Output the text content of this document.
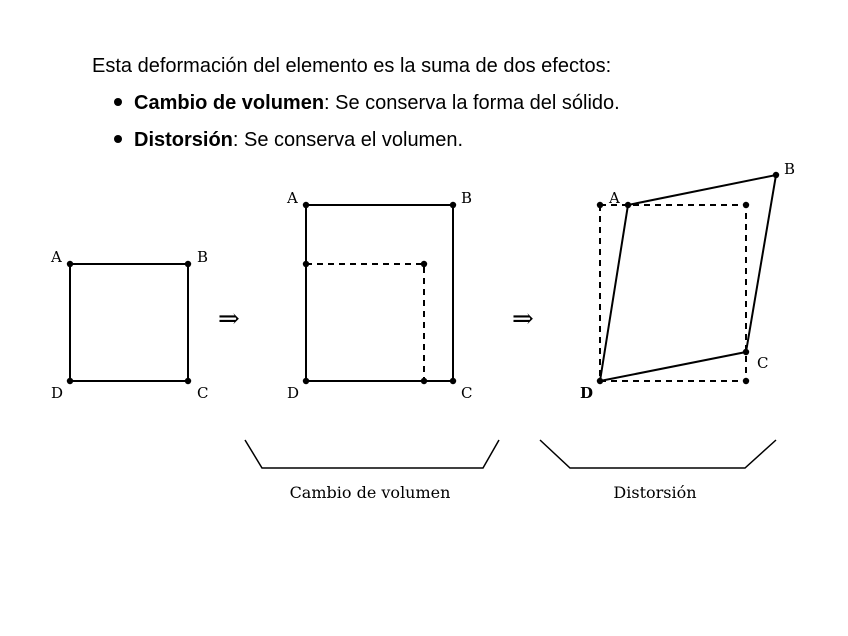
Esta deformación del elemento es la suma de dos efectos:
Cambio de volumen: Se conserva la forma del sólido.
Distorsión: Se conserva el volumen.
A	B
C
D
⇒
A	B
C
D
⇒
A
B
C
D
Cambio de volumen	Distorsión
